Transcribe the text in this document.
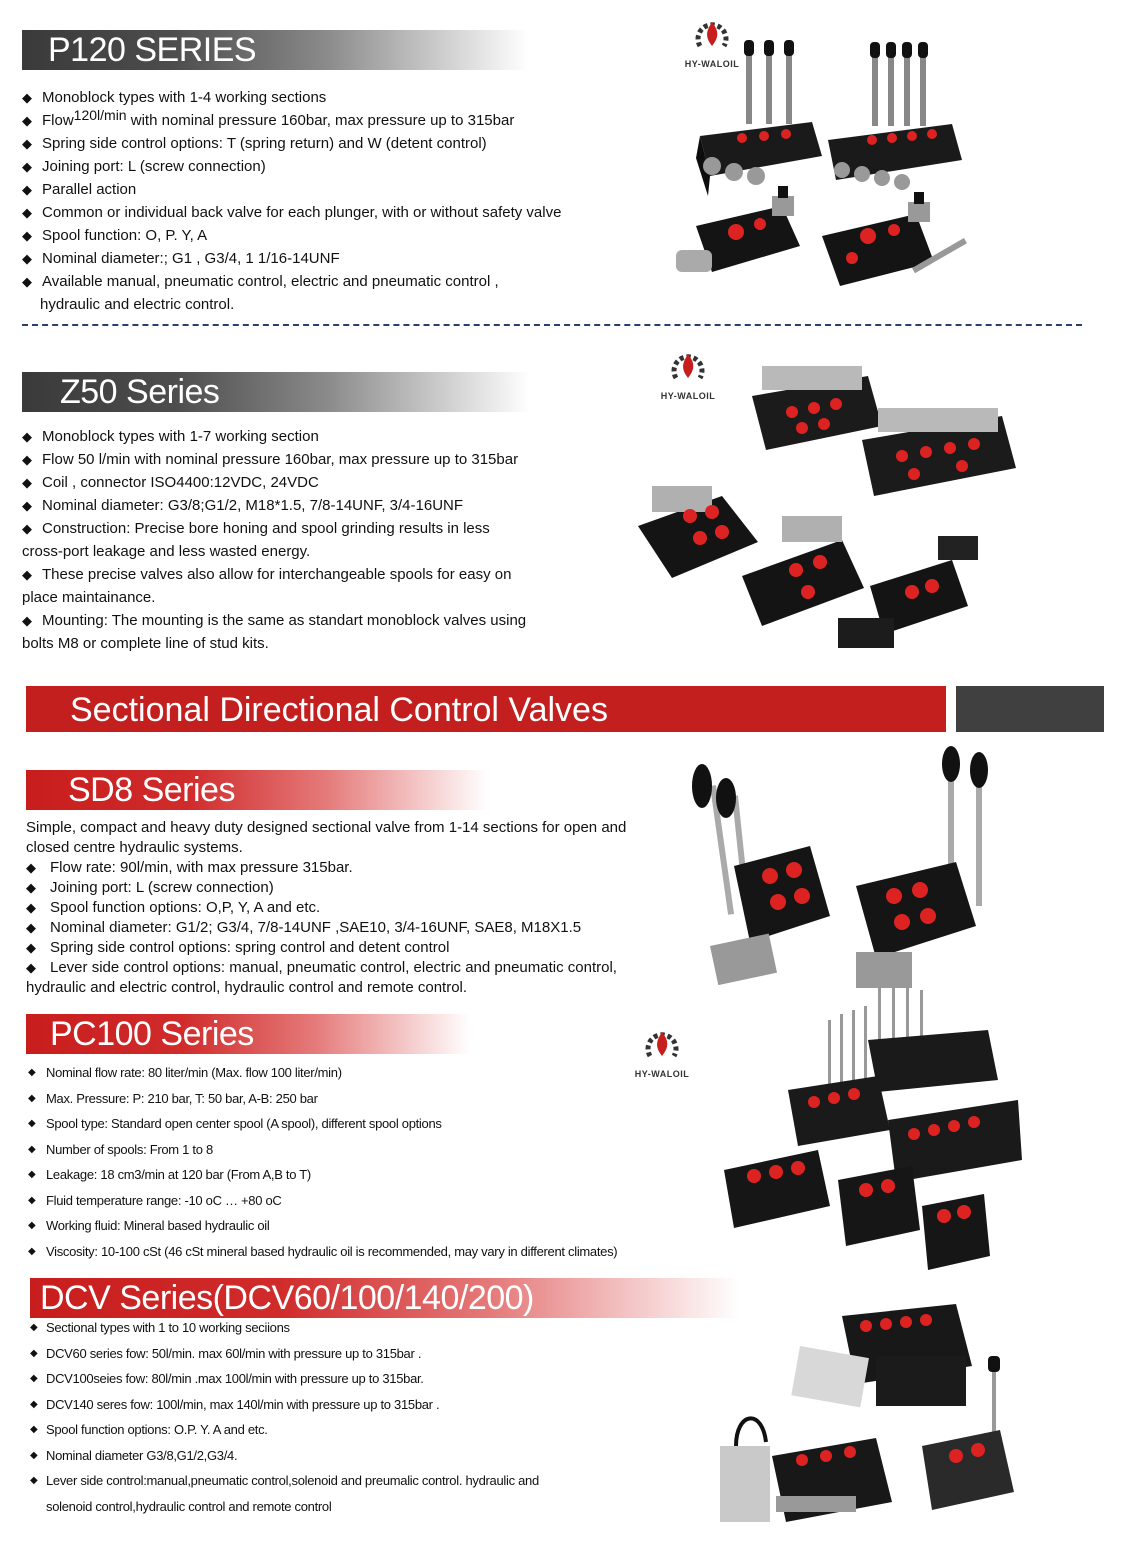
P120 SERIES
◆ Monoblock types with 1-4 working sections
◆ Flow120l/min with nominal pressure 160bar, max pressure up to 315bar
◆ Spring side control options: T (spring return) and W (detent control)
◆ Joining port: L (screw connection)
◆ Parallel action
◆ Common or individual back valve for each plunger, with or without safety valve
◆ Spool function: O, P. Y, A
◆ Nominal diameter:; G1 , G3/4, 1 1/16-14UNF
◆ Available manual, pneumatic control, electric and pneumatic control ,
hydraulic and electric control.
HY-WALOIL
Z50 Series
◆ Monoblock types with 1-7 working section
◆ Flow 50 l/min with nominal pressure 160bar, max pressure up to 315bar
◆ Coil , connector ISO4400:12VDC, 24VDC
◆ Nominal diameter: G3/8;G1/2, M18*1.5, 7/8-14UNF, 3/4-16UNF
◆ Construction: Precise bore honing and spool grinding results in less
cross-port leakage and less wasted energy.
◆ These precise valves also allow for interchangeable spools for easy on
place maintainance.
◆ Mounting: The mounting is the same as standart monoblock valves using
bolts M8 or complete line of stud kits.
HY-WALOIL
Sectional Directional Control Valves
SD8 Series
Simple, compact and heavy duty designed sectional valve from 1-14 sections for open and
closed centre hydraulic systems.
◆ Flow rate: 90l/min, with max pressure 315bar.
◆ Joining port: L (screw connection)
◆ Spool function options: O,P, Y, A and etc.
◆ Nominal diameter: G1/2; G3/4, 7/8-14UNF ,SAE10, 3/4-16UNF, SAE8, M18X1.5
◆ Spring side control options: spring control and detent control
◆ Lever side control options: manual, pneumatic control, electric and pneumatic control,
hydraulic and electric control, hydraulic control and remote control.
PC100 Series
◆ Nominal flow rate: 80 liter/min (Max. flow 100 liter/min)
◆ Max. Pressure: P: 210 bar, T: 50 bar, A-B: 250 bar
◆ Spool type: Standard open center spool (A spool), different spool options
◆ Number of spools: From 1 to 8
◆ Leakage: 18 cm3/min at 120 bar (From A,B to T)
◆ Fluid temperature range: -10 oC … +80 oC
◆ Working fluid: Mineral based hydraulic oil
◆ Viscosity: 10-100 cSt (46 cSt mineral based hydraulic oil is recommended, may vary in different climates)
HY-WALOIL
DCV Series(DCV60/100/140/200)
◆ Sectional types with 1 to 10 working seciions
◆ DCV60 series fow: 50l/min. max 60l/min with pressure up to 315bar .
◆ DCV100seies fow: 80l/min .max 100l/min with pressure up to 315bar.
◆ DCV140 seres fow: 100l/min, max 140l/min with pressure up to 315bar .
◆ Spool function options: O.P. Y. A and etc.
◆ Nominal diameter G3/8,G1/2,G3/4.
◆ Lever side control:manual,pneumatic control,solenoid and preumalic control. hydraulic and
solenoid control,hydraulic control and remote control
